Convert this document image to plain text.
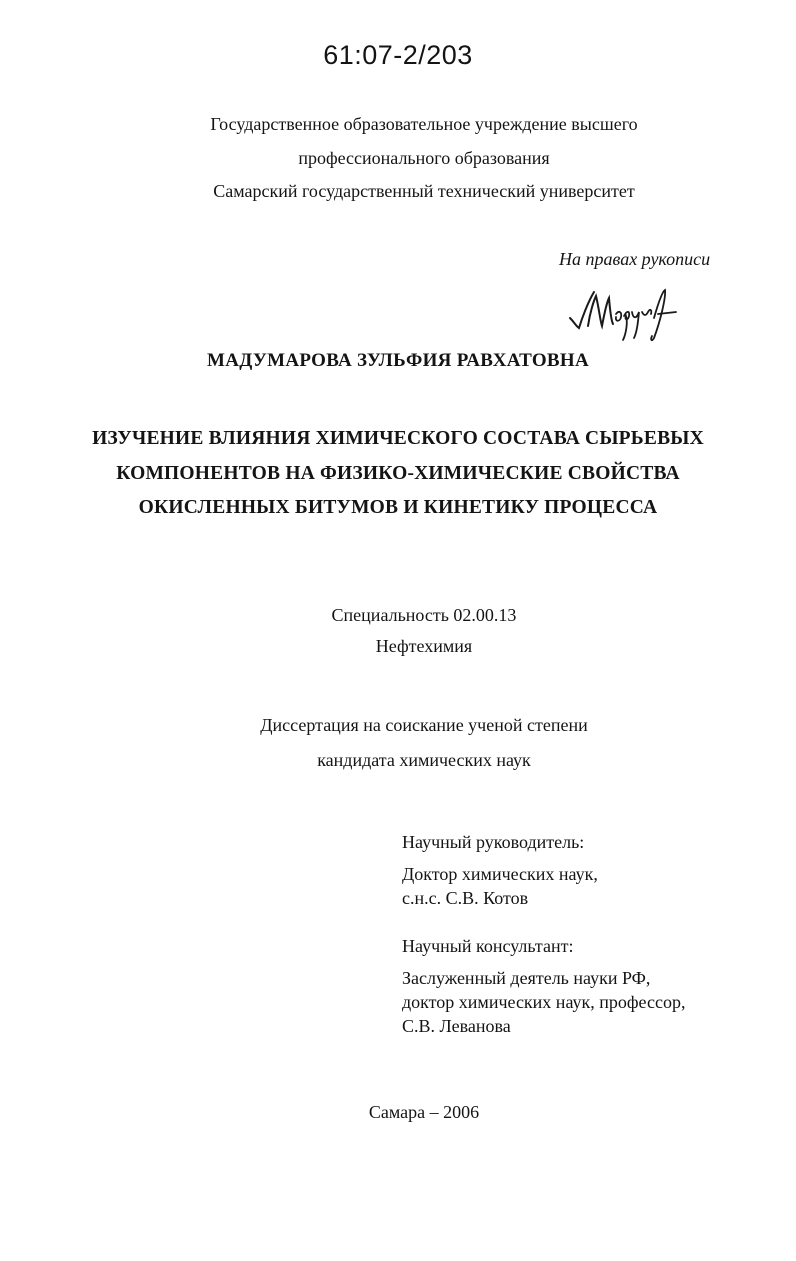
61:07-2/203
Государственное образовательное учреждение высшего
профессионального образования
Самарский государственный технический университет
На правах рукописи
МАДУМАРОВА ЗУЛЬФИЯ РАВХАТОВНА
ИЗУЧЕНИЕ ВЛИЯНИЯ ХИМИЧЕСКОГО СОСТАВА СЫРЬЕВЫХ
КОМПОНЕНТОВ НА ФИЗИКО-ХИМИЧЕСКИЕ СВОЙСТВА
ОКИСЛЕННЫХ БИТУМОВ И КИНЕТИКУ ПРОЦЕССА
Специальность 02.00.13
Нефтехимия
Диссертация на соискание ученой степени
кандидата химических наук
Научный руководитель:
Доктор химических наук,
с.н.с. С.В. Котов
Научный консультант:
Заслуженный деятель науки РФ,
доктор химических наук, профессор,
С.В. Леванова
Самара – 2006
